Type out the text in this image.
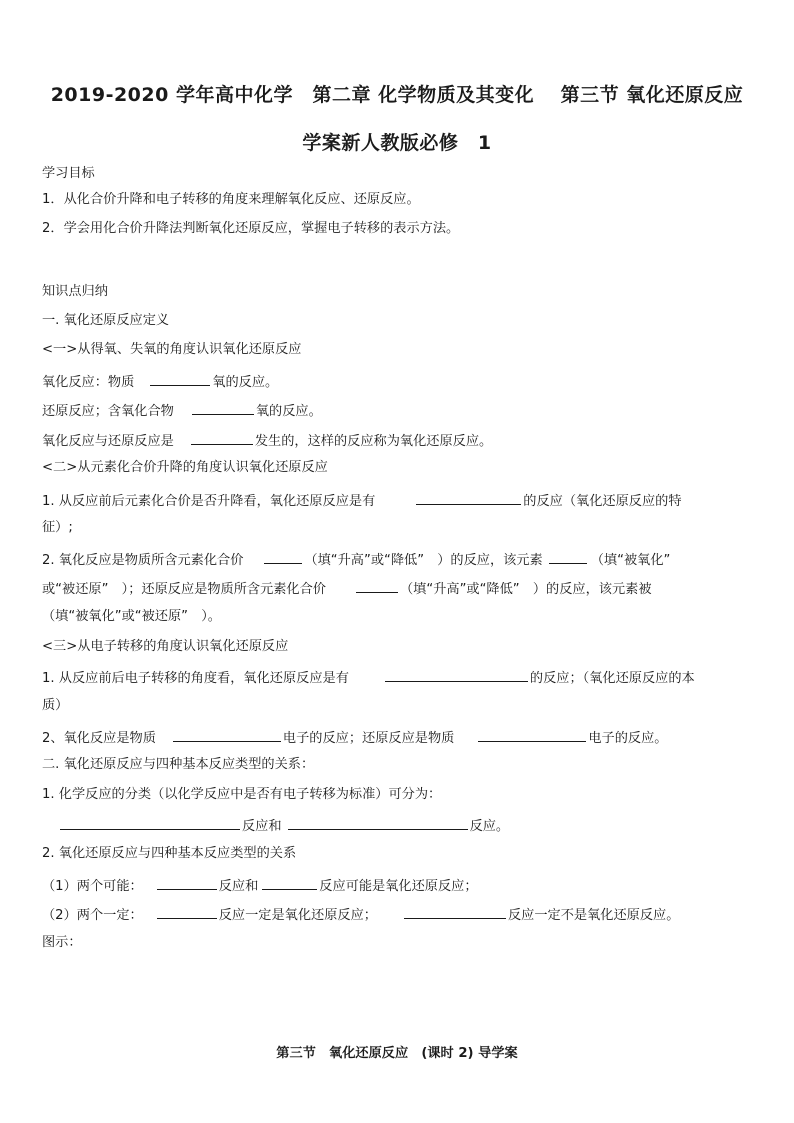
2019-2020 学年高中化学　第二章 化学物质及其变化　 第三节 氧化还原反应
学案新人教版必修　1
学习目标
1．从化合价升降和电子转移的角度来理解氧化反应、还原反应。
2．学会用化合价升降法判断氧化还原反应，掌握电子转移的表示方法。
知识点归纳
一. 氧化还原反应定义
<一>从得氧、失氧的角度认识氧化还原反应
氧化反应：物质	氧的反应。
还原反应；含氧化合物	氧的反应。
氧化反应与还原反应是	发生的，这样的反应称为氧化还原反应。
<二>从元素化合价升降的角度认识氧化还原反应
1. 从反应前后元素化合价是否升降看，氧化还原反应是有	的反应（氧化还原反应的特
征）;
2. 氧化反应是物质所含元素化合价	（填“升高”或“降低”　）的反应，该元素	（填“被氧化”
或“被还原”　）；还原反应是物质所含元素化合价	（填“升高”或“降低”　）的反应，该元素被
（填“被氧化”或“被还原”　）。
<三>从电子转移的角度认识氧化还原反应
1. 从反应前后电子转移的角度看，氧化还原反应是有	的反应；（氧化还原反应的本
质）
2、氧化反应是物质	电子的反应；还原反应是物质	电子的反应。
二. 氧化还原反应与四种基本反应类型的关系：
1. 化学反应的分类（以化学反应中是否有电子转移为标准）可分为：
反应和	反应。
2. 氧化还原反应与四种基本反应类型的关系
（1）两个可能：	反应和	反应可能是氧化还原反应；
（2）两个一定：	反应一定是氧化还原反应；	反应一定不是氧化还原反应。
图示：
第三节　氧化还原反应　(课时 2) 导学案
